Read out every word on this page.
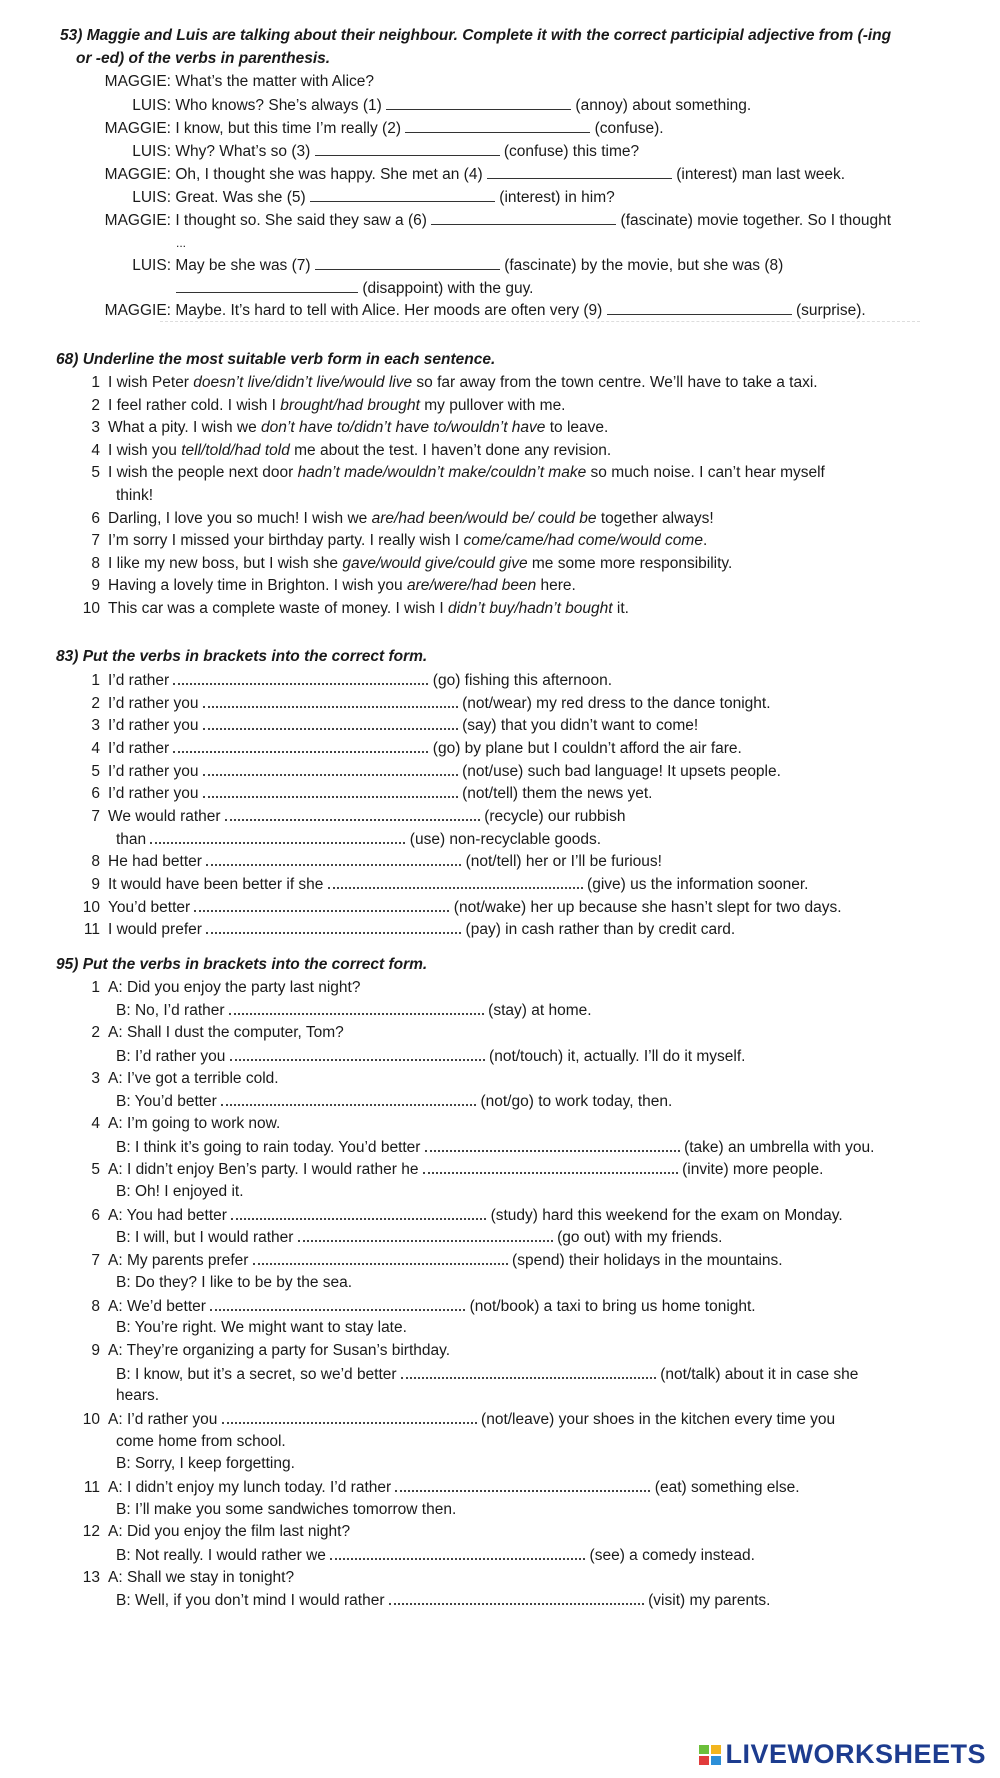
53) Maggie and Luis are talking about their neighbour. Complete it with the correct participial adjective from (-ing
or -ed) of the verbs in parenthesis.
MAGGIE: What’s the matter with Alice?
LUIS: Who knows? She’s always (1)	(annoy) about something.
MAGGIE: I know, but this time I’m really (2)	(confuse).
LUIS: Why? What’s so (3)	(confuse) this time?
MAGGIE: Oh, I thought she was happy. She met an (4)	(interest) man last week.
LUIS: Great. Was she (5)	(interest) in him?
MAGGIE: I thought so. She said they saw a (6)	(fascinate) movie together. So I thought
...
LUIS: May be she was (7)	(fascinate) by the movie, but she was (8)
(disappoint) with the guy.
MAGGIE: Maybe. It’s hard to tell with Alice. Her moods are often very (9)	(surprise).
68) Underline the most suitable verb form in each sentence.
1 I wish Peter doesn’t live/didn’t live/would live so far away from the town centre. We’ll have to take a taxi.
2 I feel rather cold. I wish I brought/had brought my pullover with me.
3 What a pity. I wish we don’t have to/didn’t have to/wouldn’t have to leave.
4 I wish you tell/told/had told me about the test. I haven’t done any revision.
5 I wish the people next door hadn’t made/wouldn’t make/couldn’t make so much noise. I can’t hear myself
6 Darling, I love you so much! I wish we are/had been/would be/ could be together always!
7 I’m sorry I missed your birthday party. I really wish I come/came/had come/would come.
8 I like my new boss, but I wish she gave/would give/could give me some more responsibility.
9 Having a lovely time in Brighton. I wish you are/were/had been here.
10 This car was a complete waste of money. I wish I didn’t buy/hadn’t bought it.
think!
83) Put the verbs in brackets into the correct form.
1 I’d rather	(go) fishing this afternoon.
2 I’d rather you	(not/wear) my red dress to the dance tonight.
3 I’d rather you	(say) that you didn’t want to come!
4 I’d rather	(go) by plane but I couldn’t afford the air fare.
5 I’d rather you	(not/use) such bad language! It upsets people.
6 I’d rather you	(not/tell) them the news yet.
7 We would rather	(recycle) our rubbish
8 He had better	(not/tell) her or I’ll be furious!
9 It would have been better if she	(give) us the information sooner.
10 You’d better	(not/wake) her up because she hasn’t slept for two days.
11 I would prefer	(pay) in cash rather than by credit card.
than	(use) non-recyclable goods.
95) Put the verbs in brackets into the correct form.
1 A: Did you enjoy the party last night?
B: No, I’d rather	(stay) at home.
2 A: Shall I dust the computer, Tom?
B: I’d rather you	(not/touch) it, actually. I’ll do it myself.
3 A: I’ve got a terrible cold.
B: You’d better	(not/go) to work today, then.
4 A: I’m going to work now.
B: I think it’s going to rain today. You’d better	(take) an umbrella with you.
5 A: I didn’t enjoy Ben’s party. I would rather he	(invite) more people.
B: Oh! I enjoyed it.
6 A: You had better	(study) hard this weekend for the exam on Monday.
B: I will, but I would rather	(go out) with my friends.
7 A: My parents prefer	(spend) their holidays in the mountains.
B: Do they? I like to be by the sea.
8 A: We’d better	(not/book) a taxi to bring us home tonight.
B: You’re right. We might want to stay late.
9 A: They’re organizing a party for Susan’s birthday.
B: I know, but it’s a secret, so we’d better	(not/talk) about it in case she
hears.
10 A: I’d rather you	(not/leave) your shoes in the kitchen every time you
come home from school.
B: Sorry, I keep forgetting.
11 A: I didn’t enjoy my lunch today. I’d rather	(eat) something else.
B: I’ll make you some sandwiches tomorrow then.
12 A: Did you enjoy the film last night?
B: Not really. I would rather we	(see) a comedy instead.
13 A: Shall we stay in tonight?
B: Well, if you don’t mind I would rather	(visit) my parents.
LIVEWORKSHEETS
